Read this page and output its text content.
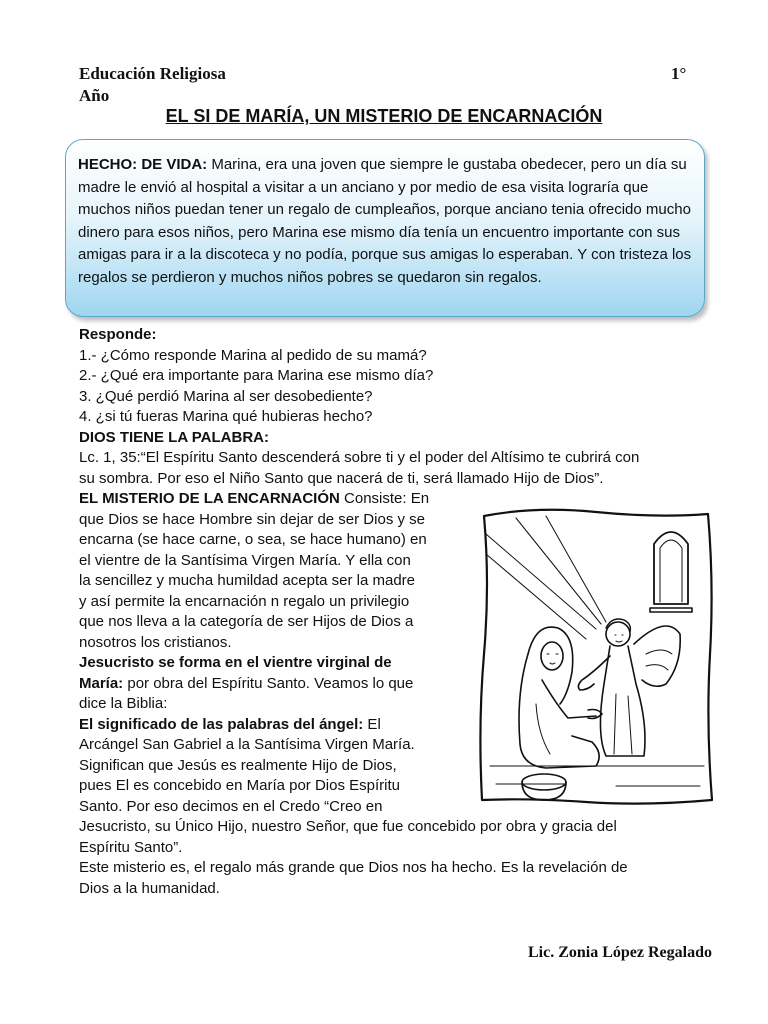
Educación Religiosa	1°
Año
EL SI DE MARÍA, UN MISTERIO DE ENCARNACIÓN
HECHO: DE VIDA: Marina, era una joven que siempre le gustaba obedecer, pero un día su madre le envió al hospital a visitar a un anciano y por medio de esa visita lograría que muchos niños puedan tener un regalo de cumpleaños, porque anciano tenia ofrecido mucho dinero para esos niños, pero Marina ese mismo día tenía un encuentro importante con sus amigas para ir a la discoteca y no podía, porque sus amigas lo esperaban. Y con tristeza los regalos se perdieron y muchos niños pobres se quedaron sin regalos.
Responde:
1.- ¿Cómo responde Marina al pedido de su mamá?
2.- ¿Qué era importante para Marina ese mismo día?
3. ¿Qué perdió Marina al ser desobediente?
4. ¿si tú fueras Marina qué hubieras hecho?
DIOS TIENE LA PALABRA:
Lc. 1, 35:“El Espíritu Santo descenderá sobre ti y el poder del Altísimo te cubrirá con
su sombra. Por eso el Niño Santo que nacerá de ti, será llamado Hijo de Dios”.
EL MISTERIO DE LA ENCARNACIÓN Consiste: En
que Dios se hace Hombre sin dejar de ser Dios y se
encarna (se hace carne, o sea, se hace humano) en
el vientre de la Santísima Virgen María. Y ella con
la sencillez y mucha humildad acepta ser la madre
y así permite la encarnación n regalo un privilegio
que nos lleva a la categoría de ser Hijos de Dios a
nosotros los cristianos.
Jesucristo se forma en el vientre virginal de
María: por obra del Espíritu Santo. Veamos lo que
dice la Biblia:
El significado de las palabras del ángel: El
Arcángel San Gabriel a la Santísima Virgen María.
Significan que Jesús es realmente Hijo de Dios,
pues El es concebido en María por Dios Espíritu
Santo. Por eso decimos en el Credo “Creo en
Jesucristo, su Único Hijo, nuestro Señor, que fue concebido por obra y gracia del
Espíritu Santo”.
Este misterio es, el regalo más grande que Dios nos ha hecho. Es la revelación de
Dios a la humanidad.
Lic. Zonia López Regalado
